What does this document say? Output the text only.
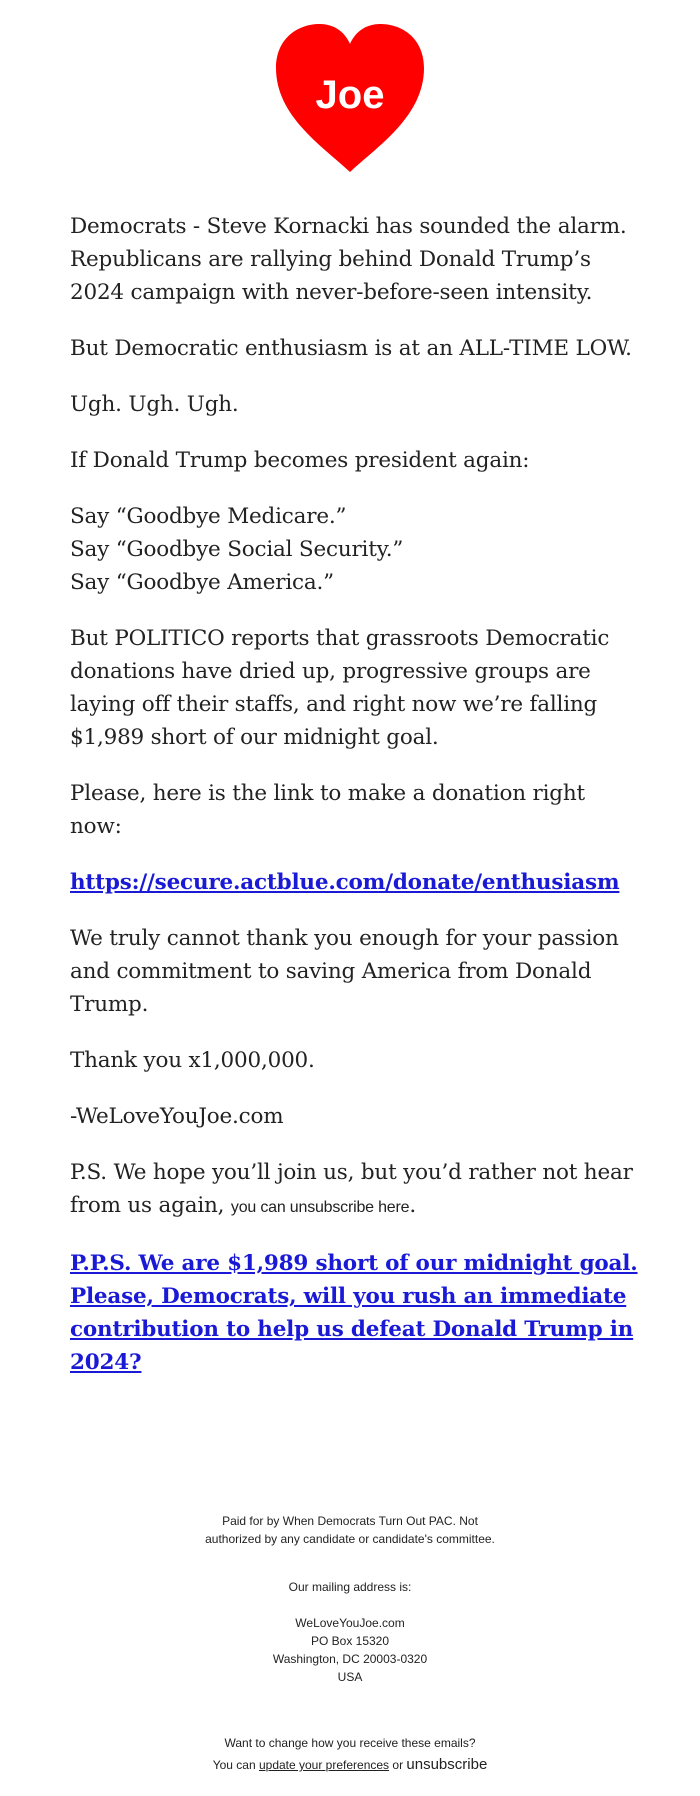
Joe

Democrats - Steve Kornacki has sounded the alarm. Republicans are rallying behind Donald Trump’s 2024 campaign with never-before-seen intensity.

But Democratic enthusiasm is at an ALL-TIME LOW.

Ugh. Ugh. Ugh.

If Donald Trump becomes president again:

Say “Goodbye Medicare.”
Say “Goodbye Social Security.”
Say “Goodbye America.”

But POLITICO reports that grassroots Democratic donations have dried up, progressive groups are laying off their staffs, and right now we’re falling $1,989 short of our midnight goal.

Please, here is the link to make a donation right now:

https://secure.actblue.com/donate/enthusiasm

We truly cannot thank you enough for your passion and commitment to saving America from Donald Trump.

Thank you x1,000,000.

-WeLoveYouJoe.com

P.S. We hope you’ll join us, but you’d rather not hear from us again, you can unsubscribe here.

P.P.S. We are $1,989 short of our midnight goal. Please, Democrats, will you rush an immediate contribution to help us defeat Donald Trump in 2024?

Paid for by When Democrats Turn Out PAC. Not
authorized by any candidate or candidate's committee.
Our mailing address is:
WeLoveYouJoe.com
PO Box 15320
Washington, DC 20003-0320
USA
Want to change how you receive these emails?
You can update your preferences or unsubscribe
